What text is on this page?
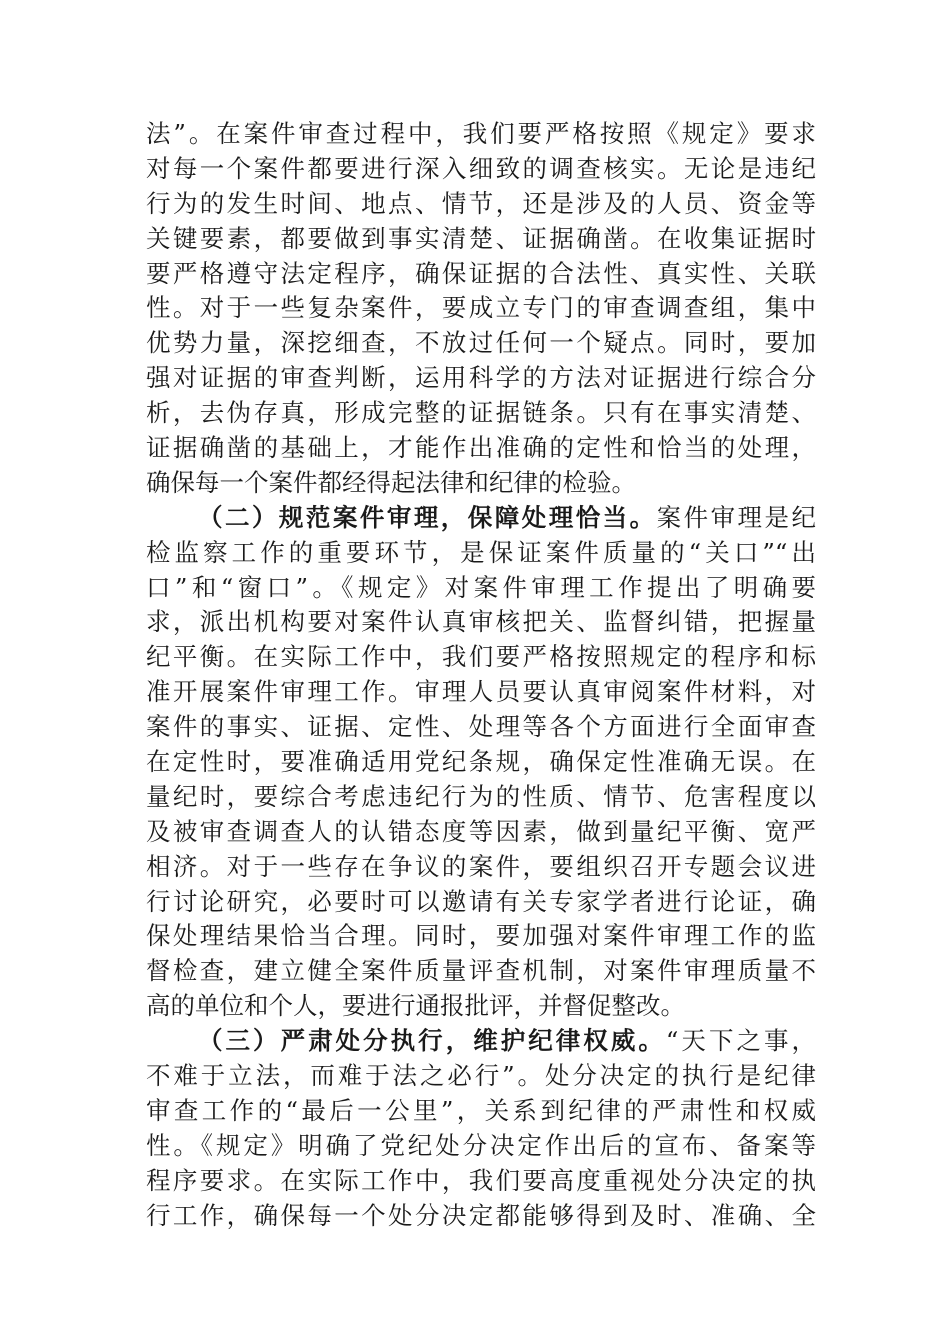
法”。在案件审查过程中，我们要严格按照《规定》要求
对每一个案件都要进行深入细致的调查核实。无论是违纪
行为的发生时间、地点、情节，还是涉及的人员、资金等
关键要素，都要做到事实清楚、证据确凿。在收集证据时
要严格遵守法定程序，确保证据的合法性、真实性、关联
性。对于一些复杂案件，要成立专门的审查调查组，集中
优势力量，深挖细查，不放过任何一个疑点。同时，要加
强对证据的审查判断，运用科学的方法对证据进行综合分
析，去伪存真，形成完整的证据链条。只有在事实清楚、
证据确凿的基础上，才能作出准确的定性和恰当的处理，
确保每一个案件都经得起法律和纪律的检验。
（二）规范案件审理，保障处理恰当。案件审理是纪
检监察工作的重要环节，是保证案件质量的“关口”“出
口”和“窗口”。《规定》对案件审理工作提出了明确要
求，派出机构要对案件认真审核把关、监督纠错，把握量
纪平衡。在实际工作中，我们要严格按照规定的程序和标
准开展案件审理工作。审理人员要认真审阅案件材料，对
案件的事实、证据、定性、处理等各个方面进行全面审查
在定性时，要准确适用党纪条规，确保定性准确无误。在
量纪时，要综合考虑违纪行为的性质、情节、危害程度以
及被审查调查人的认错态度等因素，做到量纪平衡、宽严
相济。对于一些存在争议的案件，要组织召开专题会议进
行讨论研究，必要时可以邀请有关专家学者进行论证，确
保处理结果恰当合理。同时，要加强对案件审理工作的监
督检查，建立健全案件质量评查机制，对案件审理质量不
高的单位和个人，要进行通报批评，并督促整改。
（三）严肃处分执行，维护纪律权威。“天下之事，
不难于立法，而难于法之必行”。处分决定的执行是纪律
审查工作的“最后一公里”，关系到纪律的严肃性和权威
性。《规定》明确了党纪处分决定作出后的宣布、备案等
程序要求。在实际工作中，我们要高度重视处分决定的执
行工作，确保每一个处分决定都能够得到及时、准确、全
